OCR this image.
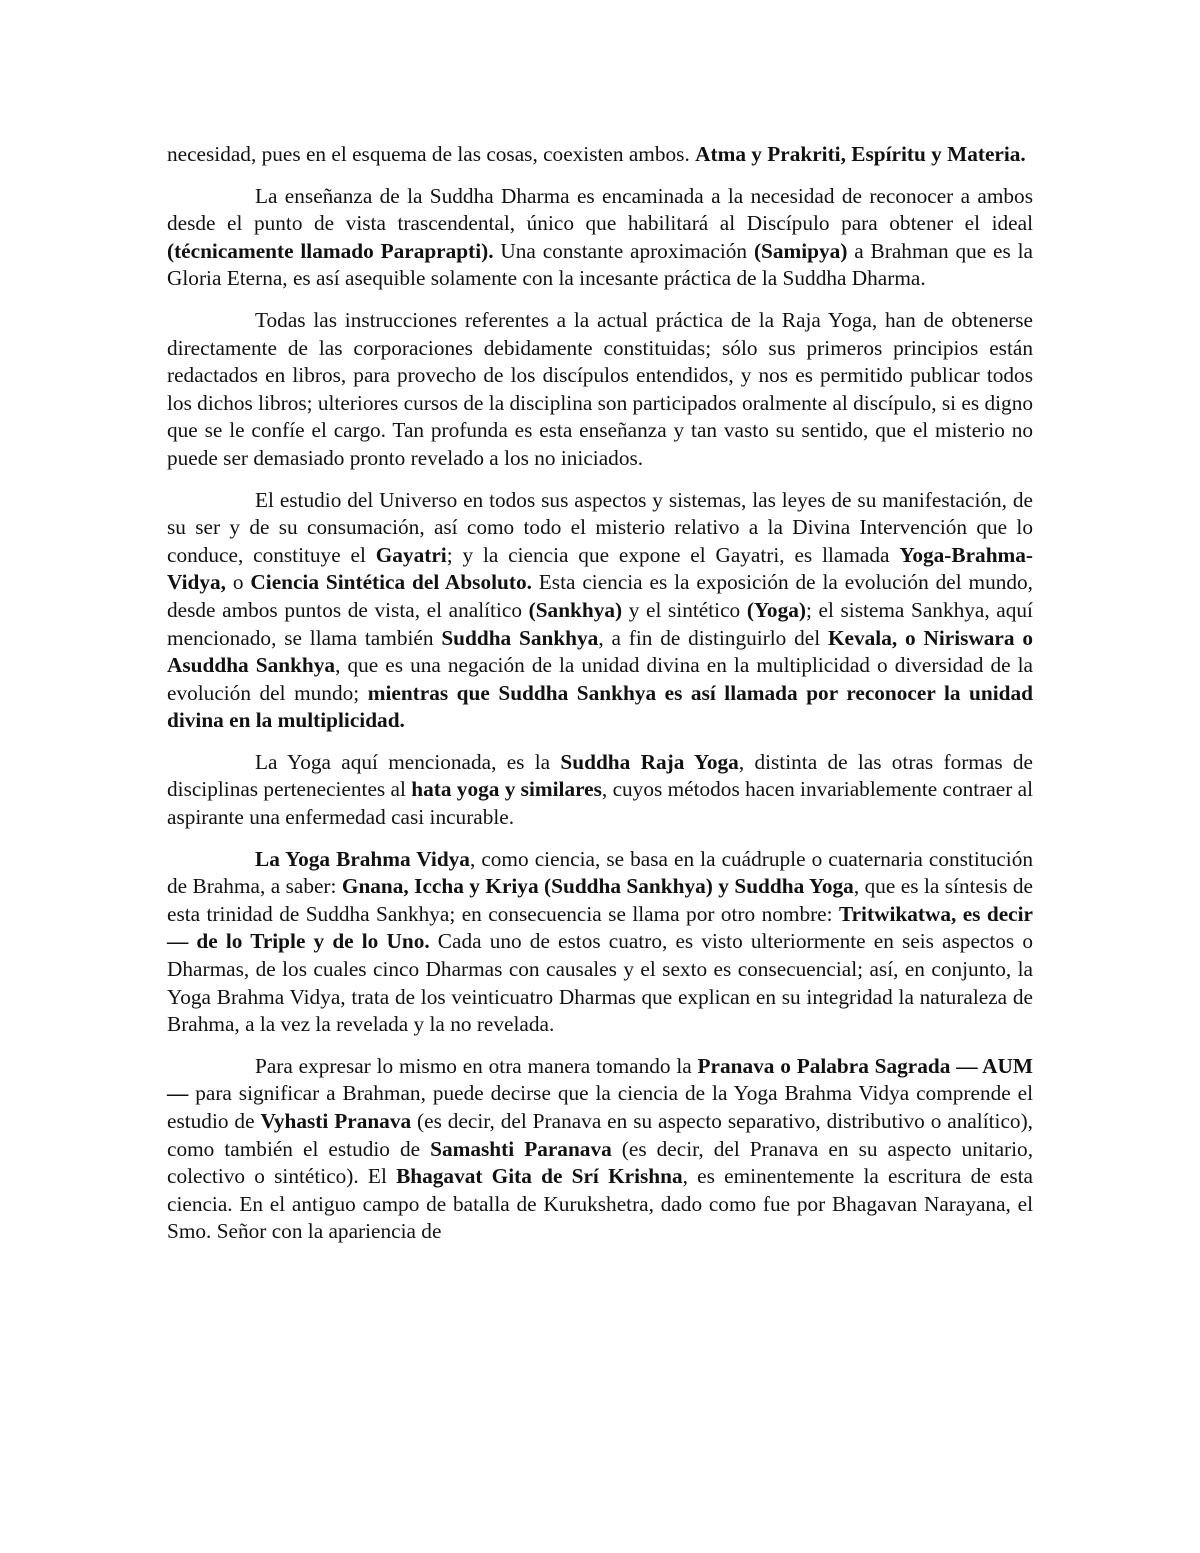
necesidad, pues en el esquema de las cosas, coexisten ambos. Atma y Prakriti, Espíritu y Materia.

La enseñanza de la Suddha Dharma es encaminada a la necesidad de reconocer a ambos desde el punto de vista trascendental, único que habilitará al Discípulo para obtener el ideal (técnicamente llamado Paraprapti). Una constante aproximación (Samipya) a Brahman que es la Gloria Eterna, es así asequible solamente con la incesante práctica de la Suddha Dharma.

Todas las instrucciones referentes a la actual práctica de la Raja Yoga, han de obtenerse directamente de las corporaciones debidamente constituidas; sólo sus primeros principios están redactados en libros, para provecho de los discípulos entendidos, y nos es permitido publicar todos los dichos libros; ulteriores cursos de la disciplina son participados oralmente al discípulo, si es digno que se le confíe el cargo. Tan profunda es esta enseñanza y tan vasto su sentido, que el misterio no puede ser demasiado pronto revelado a los no iniciados.

El estudio del Universo en todos sus aspectos y sistemas, las leyes de su manifestación, de su ser y de su consumación, así como todo el misterio relativo a la Divina Intervención que lo conduce, constituye el Gayatri; y la ciencia que expone el Gayatri, es llamada Yoga-Brahma-Vidya, o Ciencia Sintética del Absoluto. Esta ciencia es la exposición de la evolución del mundo, desde ambos puntos de vista, el analítico (Sankhya) y el sintético (Yoga); el sistema Sankhya, aquí mencionado, se llama también Suddha Sankhya, a fin de distinguirlo del Kevala, o Niriswara o Asuddha Sankhya, que es una negación de la unidad divina en la multiplicidad o diversidad de la evolución del mundo; mientras que Suddha Sankhya es así llamada por reconocer la unidad divina en la multiplicidad.

La Yoga aquí mencionada, es la Suddha Raja Yoga, distinta de las otras formas de disciplinas pertenecientes al hata yoga y similares, cuyos métodos hacen invariablemente contraer al aspirante una enfermedad casi incurable.

La Yoga Brahma Vidya, como ciencia, se basa en la cuádruple o cuaternaria constitución de Brahma, a saber: Gnana, Iccha y Kriya (Suddha Sankhya) y Suddha Yoga, que es la síntesis de esta trinidad de Suddha Sankhya; en consecuencia se llama por otro nombre: Tritwikatwa, es decir — de lo Triple y de lo Uno. Cada uno de estos cuatro, es visto ulteriormente en seis aspectos o Dharmas, de los cuales cinco Dharmas con causales y el sexto es consecuencial; así, en conjunto, la Yoga Brahma Vidya, trata de los veinticuatro Dharmas que explican en su integridad la naturaleza de Brahma, a la vez la revelada y la no revelada.

Para expresar lo mismo en otra manera tomando la Pranava o Palabra Sagrada — AUM — para significar a Brahman, puede decirse que la ciencia de la Yoga Brahma Vidya comprende el estudio de Vyhasti Pranava (es decir, del Pranava en su aspecto separativo, distributivo o analítico), como también el estudio de Samashti Paranava (es decir, del Pranava en su aspecto unitario, colectivo o sintético). El Bhagavat Gita de Srí Krishna, es eminentemente la escritura de esta ciencia. En el antiguo campo de batalla de Kurukshetra, dado como fue por Bhagavan Narayana, el Smo. Señor con la apariencia de
